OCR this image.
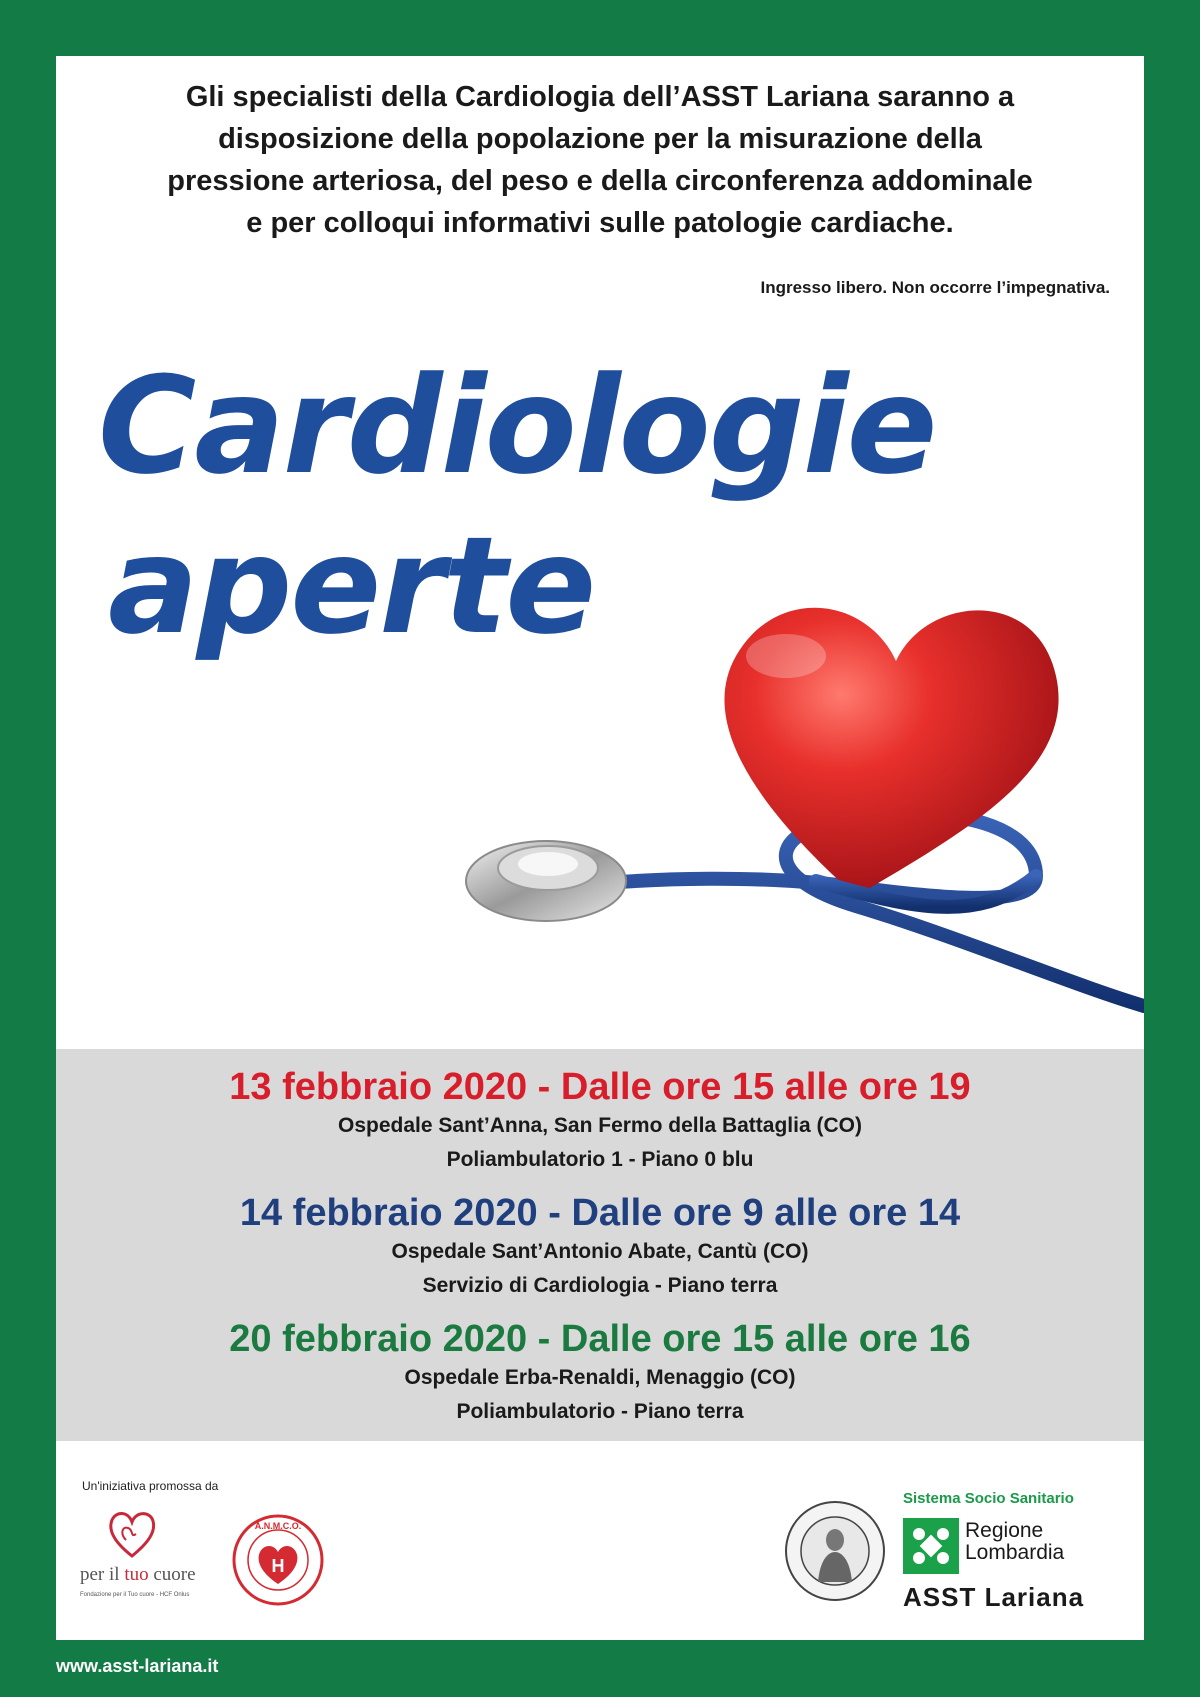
Gli specialisti della Cardiologia dell’ASST Lariana saranno a
disposizione della popolazione per la misurazione della
pressione arteriosa, del peso e della circonferenza addominale
e per colloqui informativi sulle patologie cardiache.
Ingresso libero. Non occorre l’impegnativa.
Cardiologie
aperte
13 febbraio 2020 - Dalle ore 15 alle ore 19
Ospedale Sant’Anna, San Fermo della Battaglia (CO)
Poliambulatorio 1 - Piano 0 blu
14 febbraio 2020 - Dalle ore 9 alle ore 14
Ospedale Sant’Antonio Abate, Cantù (CO)
Servizio di Cardiologia - Piano terra
20 febbraio 2020 - Dalle ore 15 alle ore 16
Ospedale Erba-Renaldi, Menaggio (CO)
Poliambulatorio - Piano terra
Un'iniziativa promossa da
per il tuo cuore
Fondazione per il Tuo cuore - HCF Onlus
A.N.M.C.O.
H
Sistema Socio Sanitario
Regione
Lombardia
ASST Lariana
www.asst-lariana.it
